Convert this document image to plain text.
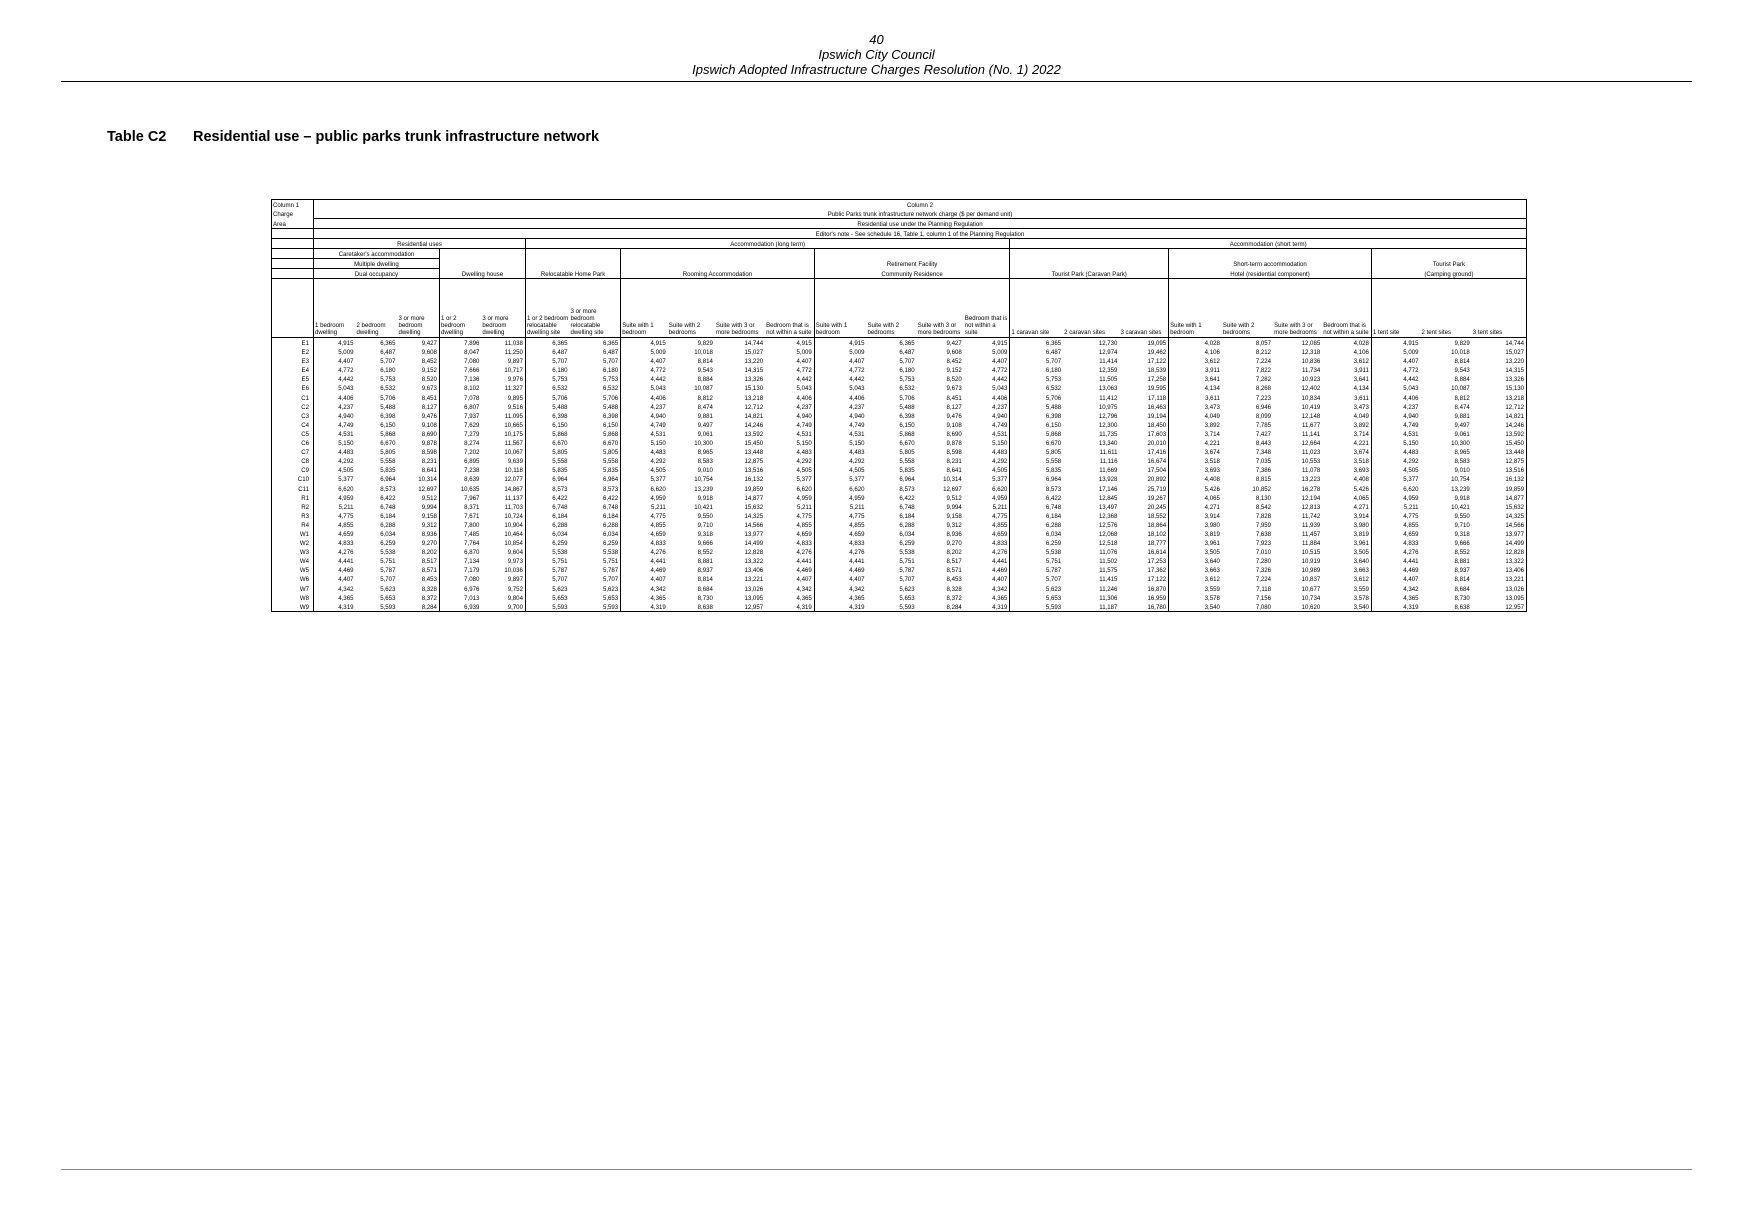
40
Ipswich City Council
Ipswich Adopted Infrastructure Charges Resolution (No. 1) 2022
Table C2 Residential use – public parks trunk infrastructure network
Column 1	Column 2																								
Charge	Public Parks trunk infrastructure network charge ($ per demand unit)																								
Area	Residential use under the Planning Regulation																								
	Editor's note - See schedule 16, Table 1, column 1 of the Planning Regulation																								
	Residential uses					Accommodation (long term)										Accommodation (short term)									
	Caretaker's accommodation																								
	Multiple dwelling											Retirement Facility							Short-term accommodation				Tourist Park		
	Dual occupancy			Dwelling house		Relocatable Home Park		Rooming Accommodation				Community Residence				Tourist Park (Caravan Park)			Hotel (residential component)				(Camping ground)		
	1 bedroom dwelling	2 bedroom dwelling	3 or more bedroom dwelling	1 or 2 bedroom dwelling	3 or more bedroom dwelling	1 or 2 bedroom relocatable dwelling site	3 or more bedroom relocatable dwelling site	Suite with 1 bedroom	Suite with 2 bedrooms	Suite with 3 or more bedrooms	Bedroom that is not within a suite	Suite with 1 bedroom	Suite with 2 bedrooms	Suite with 3 or more bedrooms	Bedroom that is not within a suite	1 caravan site	2 caravan sites	3 caravan sites	Suite with 1 bedroom	Suite with 2 bedrooms	Suite with 3 or more bedrooms	Bedroom that is not within a suite	1 tent site	2 tent sites	3 tent sites
E1	4,915	6,365	9,427	7,896	11,038	6,365	6,365	4,915	9,829	14,744	4,915	4,915	6,365	9,427	4,915	6,365	12,730	19,095	4,028	8,057	12,085	4,028	4,915	9,829	14,744
E2	5,009	6,487	9,608	8,047	11,250	6,487	6,487	5,009	10,018	15,027	5,009	5,009	6,487	9,608	5,009	6,487	12,974	19,462	4,106	8,212	12,318	4,106	5,009	10,018	15,027
E3	4,407	5,707	8,452	7,080	9,897	5,707	5,707	4,407	8,814	13,220	4,407	4,407	5,707	8,452	4,407	5,707	11,414	17,122	3,612	7,224	10,836	3,612	4,407	8,814	13,220
E4	4,772	6,180	9,152	7,666	10,717	6,180	6,180	4,772	9,543	14,315	4,772	4,772	6,180	9,152	4,772	6,180	12,359	18,539	3,911	7,822	11,734	3,911	4,772	9,543	14,315
E5	4,442	5,753	8,520	7,136	9,976	5,753	5,753	4,442	8,884	13,326	4,442	4,442	5,753	8,520	4,442	5,753	11,505	17,258	3,641	7,282	10,923	3,641	4,442	8,884	13,326
E6	5,043	6,532	9,673	8,102	11,327	6,532	6,532	5,043	10,087	15,130	5,043	5,043	6,532	9,673	5,043	6,532	13,063	19,595	4,134	8,268	12,402	4,134	5,043	10,087	15,130
C1	4,406	5,706	8,451	7,078	9,895	5,706	5,706	4,406	8,812	13,218	4,406	4,406	5,706	8,451	4,406	5,706	11,412	17,118	3,611	7,223	10,834	3,611	4,406	8,812	13,218
C2	4,237	5,488	8,127	6,807	9,516	5,488	5,488	4,237	8,474	12,712	4,237	4,237	5,488	8,127	4,237	5,488	10,975	16,463	3,473	6,946	10,419	3,473	4,237	8,474	12,712
C3	4,940	6,398	9,476	7,937	11,095	6,398	6,398	4,940	9,881	14,821	4,940	4,940	6,398	9,476	4,940	6,398	12,796	19,194	4,049	8,099	12,148	4,049	4,940	9,881	14,821
C4	4,749	6,150	9,108	7,629	10,665	6,150	6,150	4,749	9,497	14,246	4,749	4,749	6,150	9,108	4,749	6,150	12,300	18,450	3,892	7,785	11,677	3,892	4,749	9,497	14,246
C5	4,531	5,868	8,690	7,279	10,175	5,868	5,868	4,531	9,061	13,592	4,531	4,531	5,868	8,690	4,531	5,868	11,735	17,603	3,714	7,427	11,141	3,714	4,531	9,061	13,592
C6	5,150	6,670	9,878	8,274	11,567	6,670	6,670	5,150	10,300	15,450	5,150	5,150	6,670	9,878	5,150	6,670	13,340	20,010	4,221	8,443	12,664	4,221	5,150	10,300	15,450
C7	4,483	5,805	8,598	7,202	10,067	5,805	5,805	4,483	8,965	13,448	4,483	4,483	5,805	8,598	4,483	5,805	11,611	17,416	3,674	7,348	11,023	3,674	4,483	8,965	13,448
C8	4,292	5,558	8,231	6,895	9,639	5,558	5,558	4,292	8,583	12,875	4,292	4,292	5,558	8,231	4,292	5,558	11,116	16,674	3,518	7,035	10,553	3,518	4,292	8,583	12,875
C9	4,505	5,835	8,641	7,238	10,118	5,835	5,835	4,505	9,010	13,516	4,505	4,505	5,835	8,641	4,505	5,835	11,669	17,504	3,693	7,386	11,078	3,693	4,505	9,010	13,516
C10	5,377	6,964	10,314	8,639	12,077	6,964	6,964	5,377	10,754	16,132	5,377	5,377	6,964	10,314	5,377	6,964	13,928	20,892	4,408	8,815	13,223	4,408	5,377	10,754	16,132
C11	6,620	8,573	12,697	10,635	14,867	8,573	8,573	6,620	13,239	19,859	6,620	6,620	8,573	12,697	6,620	8,573	17,146	25,719	5,426	10,852	16,278	5,426	6,620	13,239	19,859
R1	4,959	6,422	9,512	7,967	11,137	6,422	6,422	4,959	9,918	14,877	4,959	4,959	6,422	9,512	4,959	6,422	12,845	19,267	4,065	8,130	12,194	4,065	4,959	9,918	14,877
R2	5,211	6,748	9,994	8,371	11,703	6,748	6,748	5,211	10,421	15,632	5,211	5,211	6,748	9,994	5,211	6,748	13,497	20,245	4,271	8,542	12,813	4,271	5,211	10,421	15,632
R3	4,775	6,184	9,158	7,671	10,724	6,184	6,184	4,775	9,550	14,325	4,775	4,775	6,184	9,158	4,775	6,184	12,368	18,552	3,914	7,828	11,742	3,914	4,775	9,550	14,325
R4	4,855	6,288	9,312	7,800	10,904	6,288	6,288	4,855	9,710	14,566	4,855	4,855	6,288	9,312	4,855	6,288	12,576	18,864	3,980	7,959	11,939	3,980	4,855	9,710	14,566
W1	4,659	6,034	8,936	7,485	10,464	6,034	6,034	4,659	9,318	13,977	4,659	4,659	6,034	8,936	4,659	6,034	12,068	18,102	3,819	7,638	11,457	3,819	4,659	9,318	13,977
W2	4,833	6,259	9,270	7,764	10,854	6,259	6,259	4,833	9,666	14,499	4,833	4,833	6,259	9,270	4,833	6,259	12,518	18,777	3,961	7,923	11,884	3,961	4,833	9,666	14,499
W3	4,276	5,538	8,202	6,870	9,604	5,538	5,538	4,276	8,552	12,828	4,276	4,276	5,538	8,202	4,276	5,538	11,076	16,614	3,505	7,010	10,515	3,505	4,276	8,552	12,828
W4	4,441	5,751	8,517	7,134	9,973	5,751	5,751	4,441	8,881	13,322	4,441	4,441	5,751	8,517	4,441	5,751	11,502	17,253	3,640	7,280	10,919	3,640	4,441	8,881	13,322
W5	4,469	5,787	8,571	7,179	10,036	5,787	5,787	4,469	8,937	13,406	4,469	4,469	5,787	8,571	4,469	5,787	11,575	17,362	3,663	7,326	10,989	3,663	4,469	8,937	13,406
W6	4,407	5,707	8,453	7,080	9,897	5,707	5,707	4,407	8,814	13,221	4,407	4,407	5,707	8,453	4,407	5,707	11,415	17,122	3,612	7,224	10,837	3,612	4,407	8,814	13,221
W7	4,342	5,623	8,328	6,976	9,752	5,623	5,623	4,342	8,684	13,026	4,342	4,342	5,623	8,328	4,342	5,623	11,246	16,870	3,559	7,118	10,677	3,559	4,342	8,684	13,026
W8	4,365	5,653	8,372	7,013	9,804	5,653	5,653	4,365	8,730	13,095	4,365	4,365	5,653	8,372	4,365	5,653	11,306	16,959	3,578	7,156	10,734	3,578	4,365	8,730	13,095
W9	4,319	5,593	8,284	6,939	9,700	5,593	5,593	4,319	8,638	12,957	4,319	4,319	5,593	8,284	4,319	5,593	11,187	16,780	3,540	7,080	10,620	3,540	4,319	8,638	12,957
